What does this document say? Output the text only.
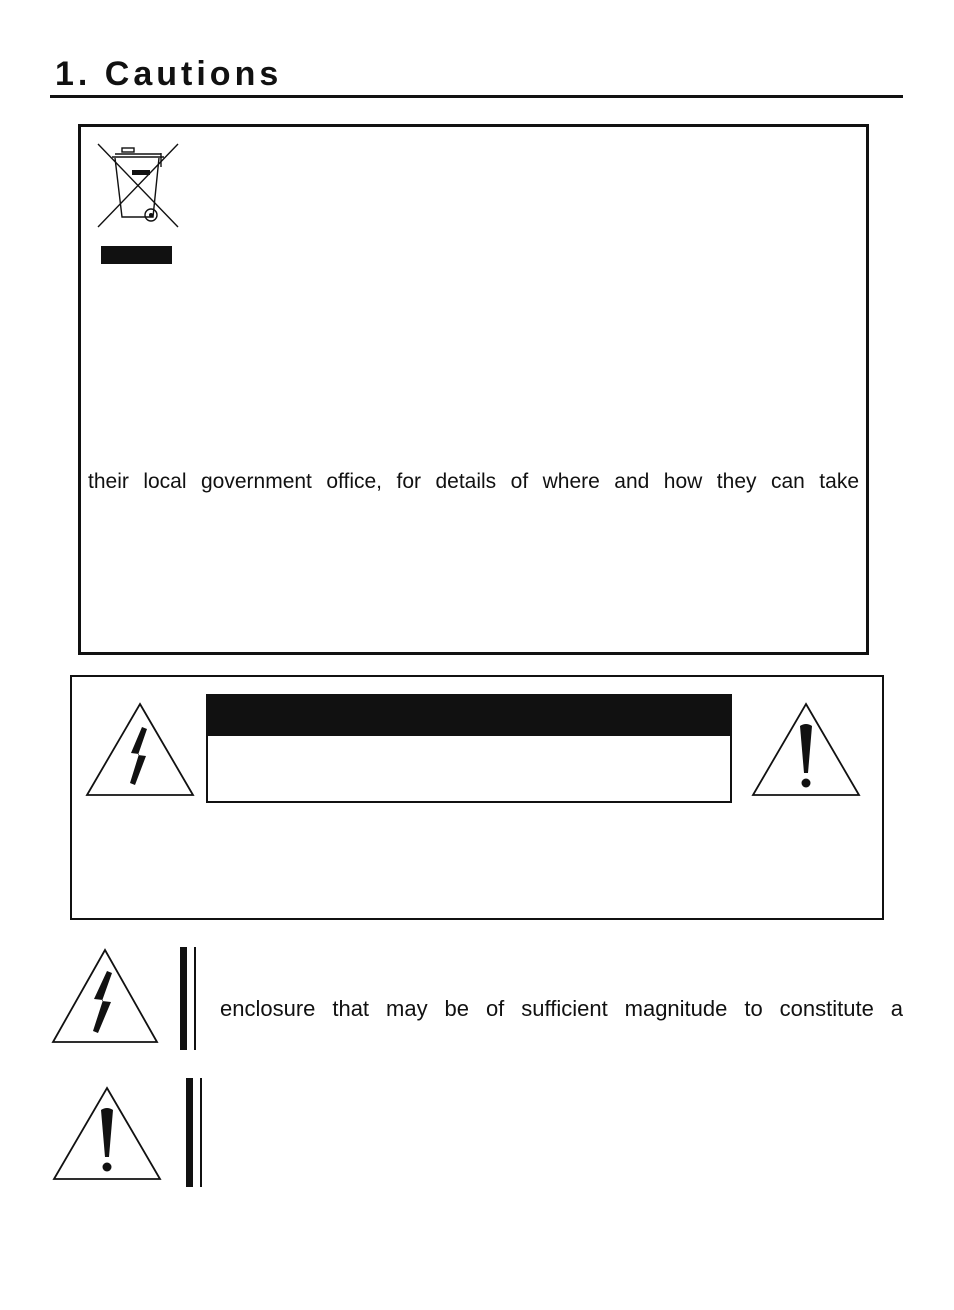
1. Cautions
their local government office, for details of where and how they can take
enclosure that may be of sufficient magnitude to constitute a
